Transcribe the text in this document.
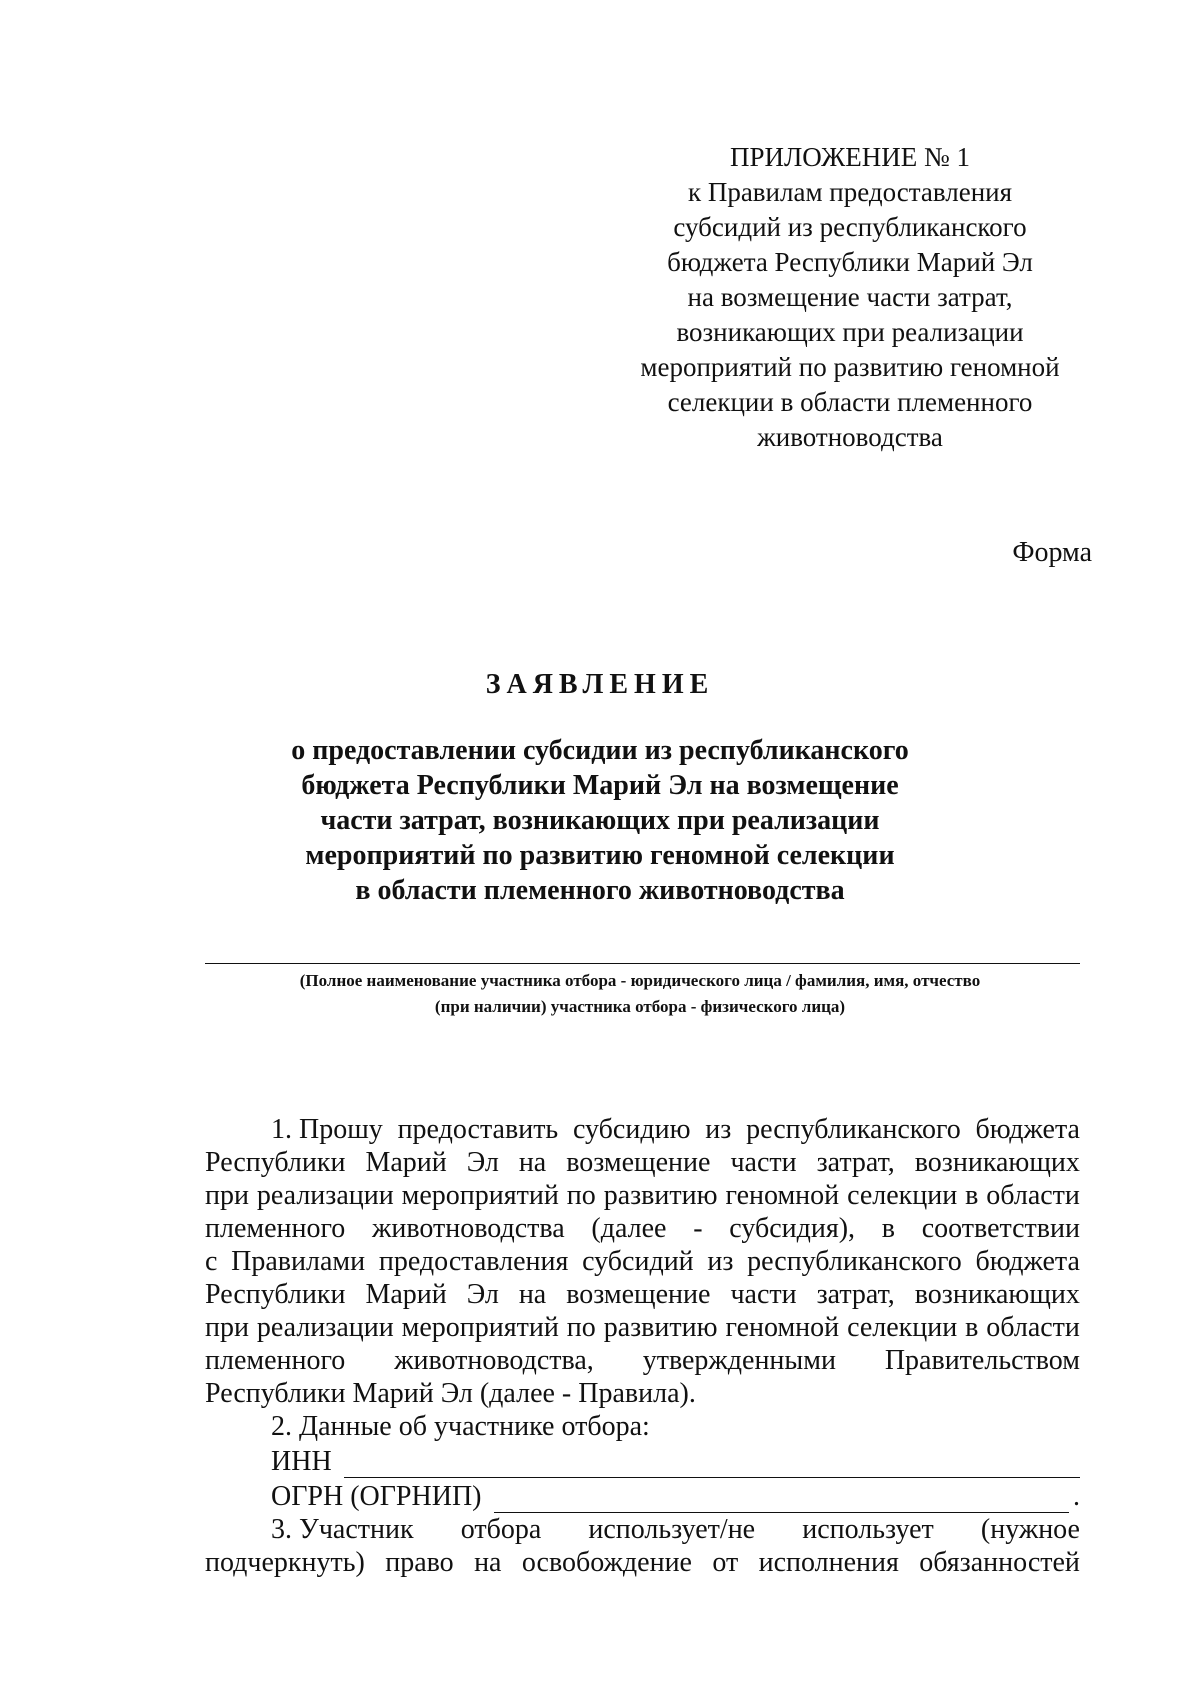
ПРИЛОЖЕНИЕ № 1
к Правилам предоставления
субсидий из республиканского
бюджета Республики Марий Эл
на возмещение части затрат,
возникающих при реализации
мероприятий по развитию геномной
селекции в области племенного
животноводства
Форма
ЗАЯВЛЕНИЕ
о предоставлении субсидии из республиканского
бюджета Республики Марий Эл на возмещение
части затрат, возникающих при реализации
мероприятий по развитию геномной селекции
в области племенного животноводства
(Полное наименование участника отбора - юридического лица / фамилия, имя, отчество
(при наличии) участника отбора - физического лица)
1. Прошу предоставить субсидию из республиканского бюджета
Республики Марий Эл на возмещение части затрат, возникающих
при реализации мероприятий по развитию геномной селекции в области
племенного животноводства (далее - субсидия), в соответствии
с Правилами предоставления субсидий из республиканского бюджета
Республики Марий Эл на возмещение части затрат, возникающих
при реализации мероприятий по развитию геномной селекции в области
племенного животноводства, утвержденными Правительством
Республики Марий Эл (далее - Правила).
2. Данные об участнике отбора:
ИНН
ОГРН (ОГРНИП)	.
3. Участник отбора использует/не использует (нужное
подчеркнуть) право на освобождение от исполнения обязанностей
